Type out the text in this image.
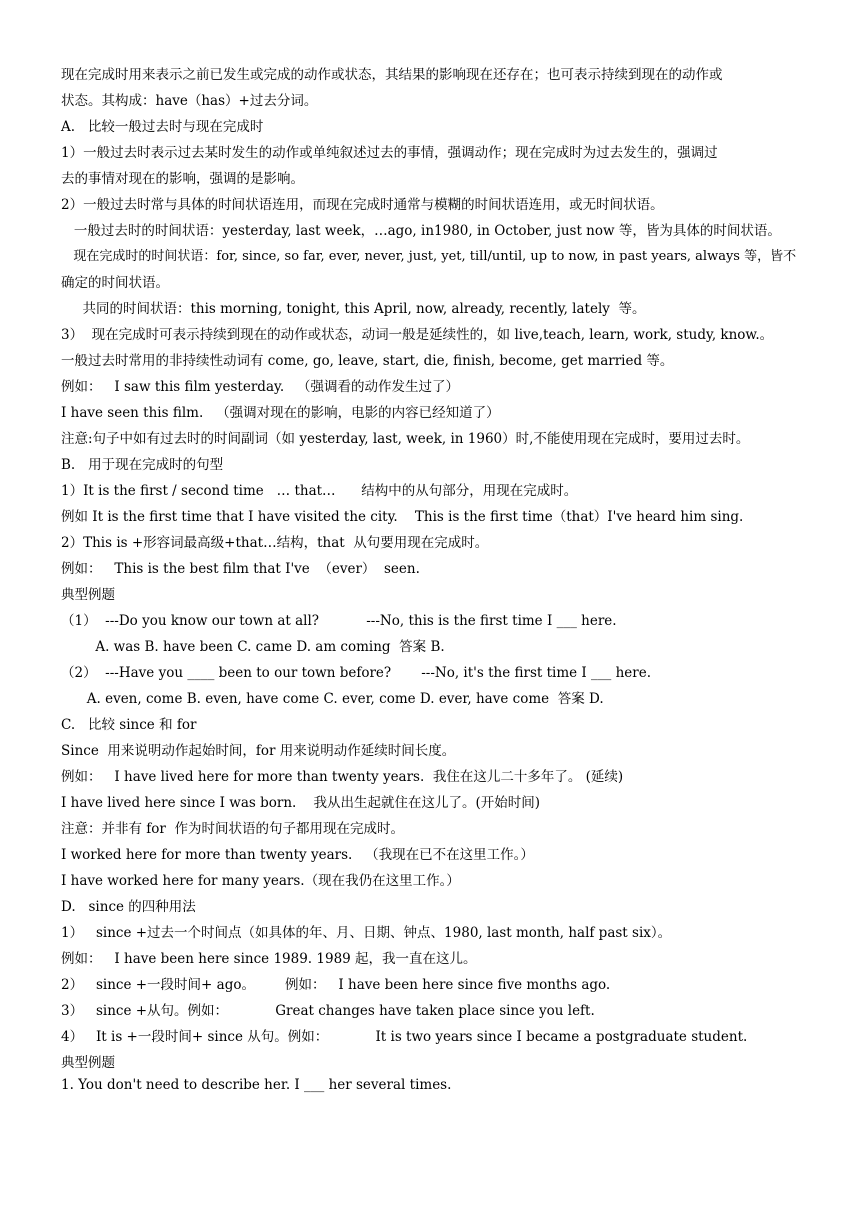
现在完成时用来表示之前已发生或完成的动作或状态，其结果的影响现在还存在；也可表示持续到现在的动作或
状态。其构成：have（has）+过去分词。
A.   比较一般过去时与现在完成时
1）一般过去时表示过去某时发生的动作或单纯叙述过去的事情，强调动作；现在完成时为过去发生的，强调过
去的事情对现在的影响，强调的是影响。
2）一般过去时常与具体的时间状语连用，而现在完成时通常与模糊的时间状语连用，或无时间状语。
一般过去时的时间状语：yesterday, last week，…ago, in1980, in October, just now 等，皆为具体的时间状语。
现在完成时的时间状语：for, since, so far, ever, never, just, yet, till/until, up to now, in past years, always 等，皆不
确定的时间状语。
共同的时间状语：this morning, tonight, this April, now, already, recently, lately  等。
3）  现在完成时可表示持续到现在的动作或状态，动词一般是延续性的，如 live,teach, learn, work, study, know.。
一般过去时常用的非持续性动词有 come, go, leave, start, die, finish, become, get married 等。
例如：   I saw this film yesterday.   （强调看的动作发生过了）
I have seen this film.   （强调对现在的影响，电影的内容已经知道了）
注意:句子中如有过去时的时间副词（如 yesterday, last, week, in 1960）时,不能使用现在完成时，要用过去时。
B.   用于现在完成时的句型
1）It is the first / second time   … that…      结构中的从句部分，用现在完成时。
例如 It is the first time that I have visited the city.    This is the first time（that）I've heard him sing.
2）This is +形容词最高级+that…结构，that  从句要用现在完成时。
例如：   This is the best film that I've  （ever）  seen.
典型例题
（1）  ---Do you know our town at all?           ---No, this is the first time I ___ here.
A. was B. have been C. came D. am coming  答案 B.
（2）  ---Have you ____ been to our town before?       ---No, it's the first time I ___ here.
A. even, come B. even, have come C. ever, come D. ever, have come  答案 D.
C.   比较 since 和 for
Since  用来说明动作起始时间，for 用来说明动作延续时间长度。
例如：   I have lived here for more than twenty years.  我住在这儿二十多年了。 (延续)
I have lived here since I was born.    我从出生起就住在这儿了。(开始时间)
注意：并非有 for  作为时间状语的句子都用现在完成时。
I worked here for more than twenty years.   （我现在已不在这里工作。）
I have worked here for many years.（现在我仍在这里工作。）
D.   since 的四种用法
1）   since +过去一个时间点（如具体的年、月、日期、钟点、1980, last month, half past six）。
例如：   I have been here since 1989. 1989 起，我一直在这儿。
2）   since +一段时间+ ago。       例如：   I have been here since five months ago.
3）   since +从句。例如：           Great changes have taken place since you left.
4）   It is +一段时间+ since 从句。例如：           It is two years since I became a postgraduate student.
典型例题
1. You don't need to describe her. I ___ her several times.
